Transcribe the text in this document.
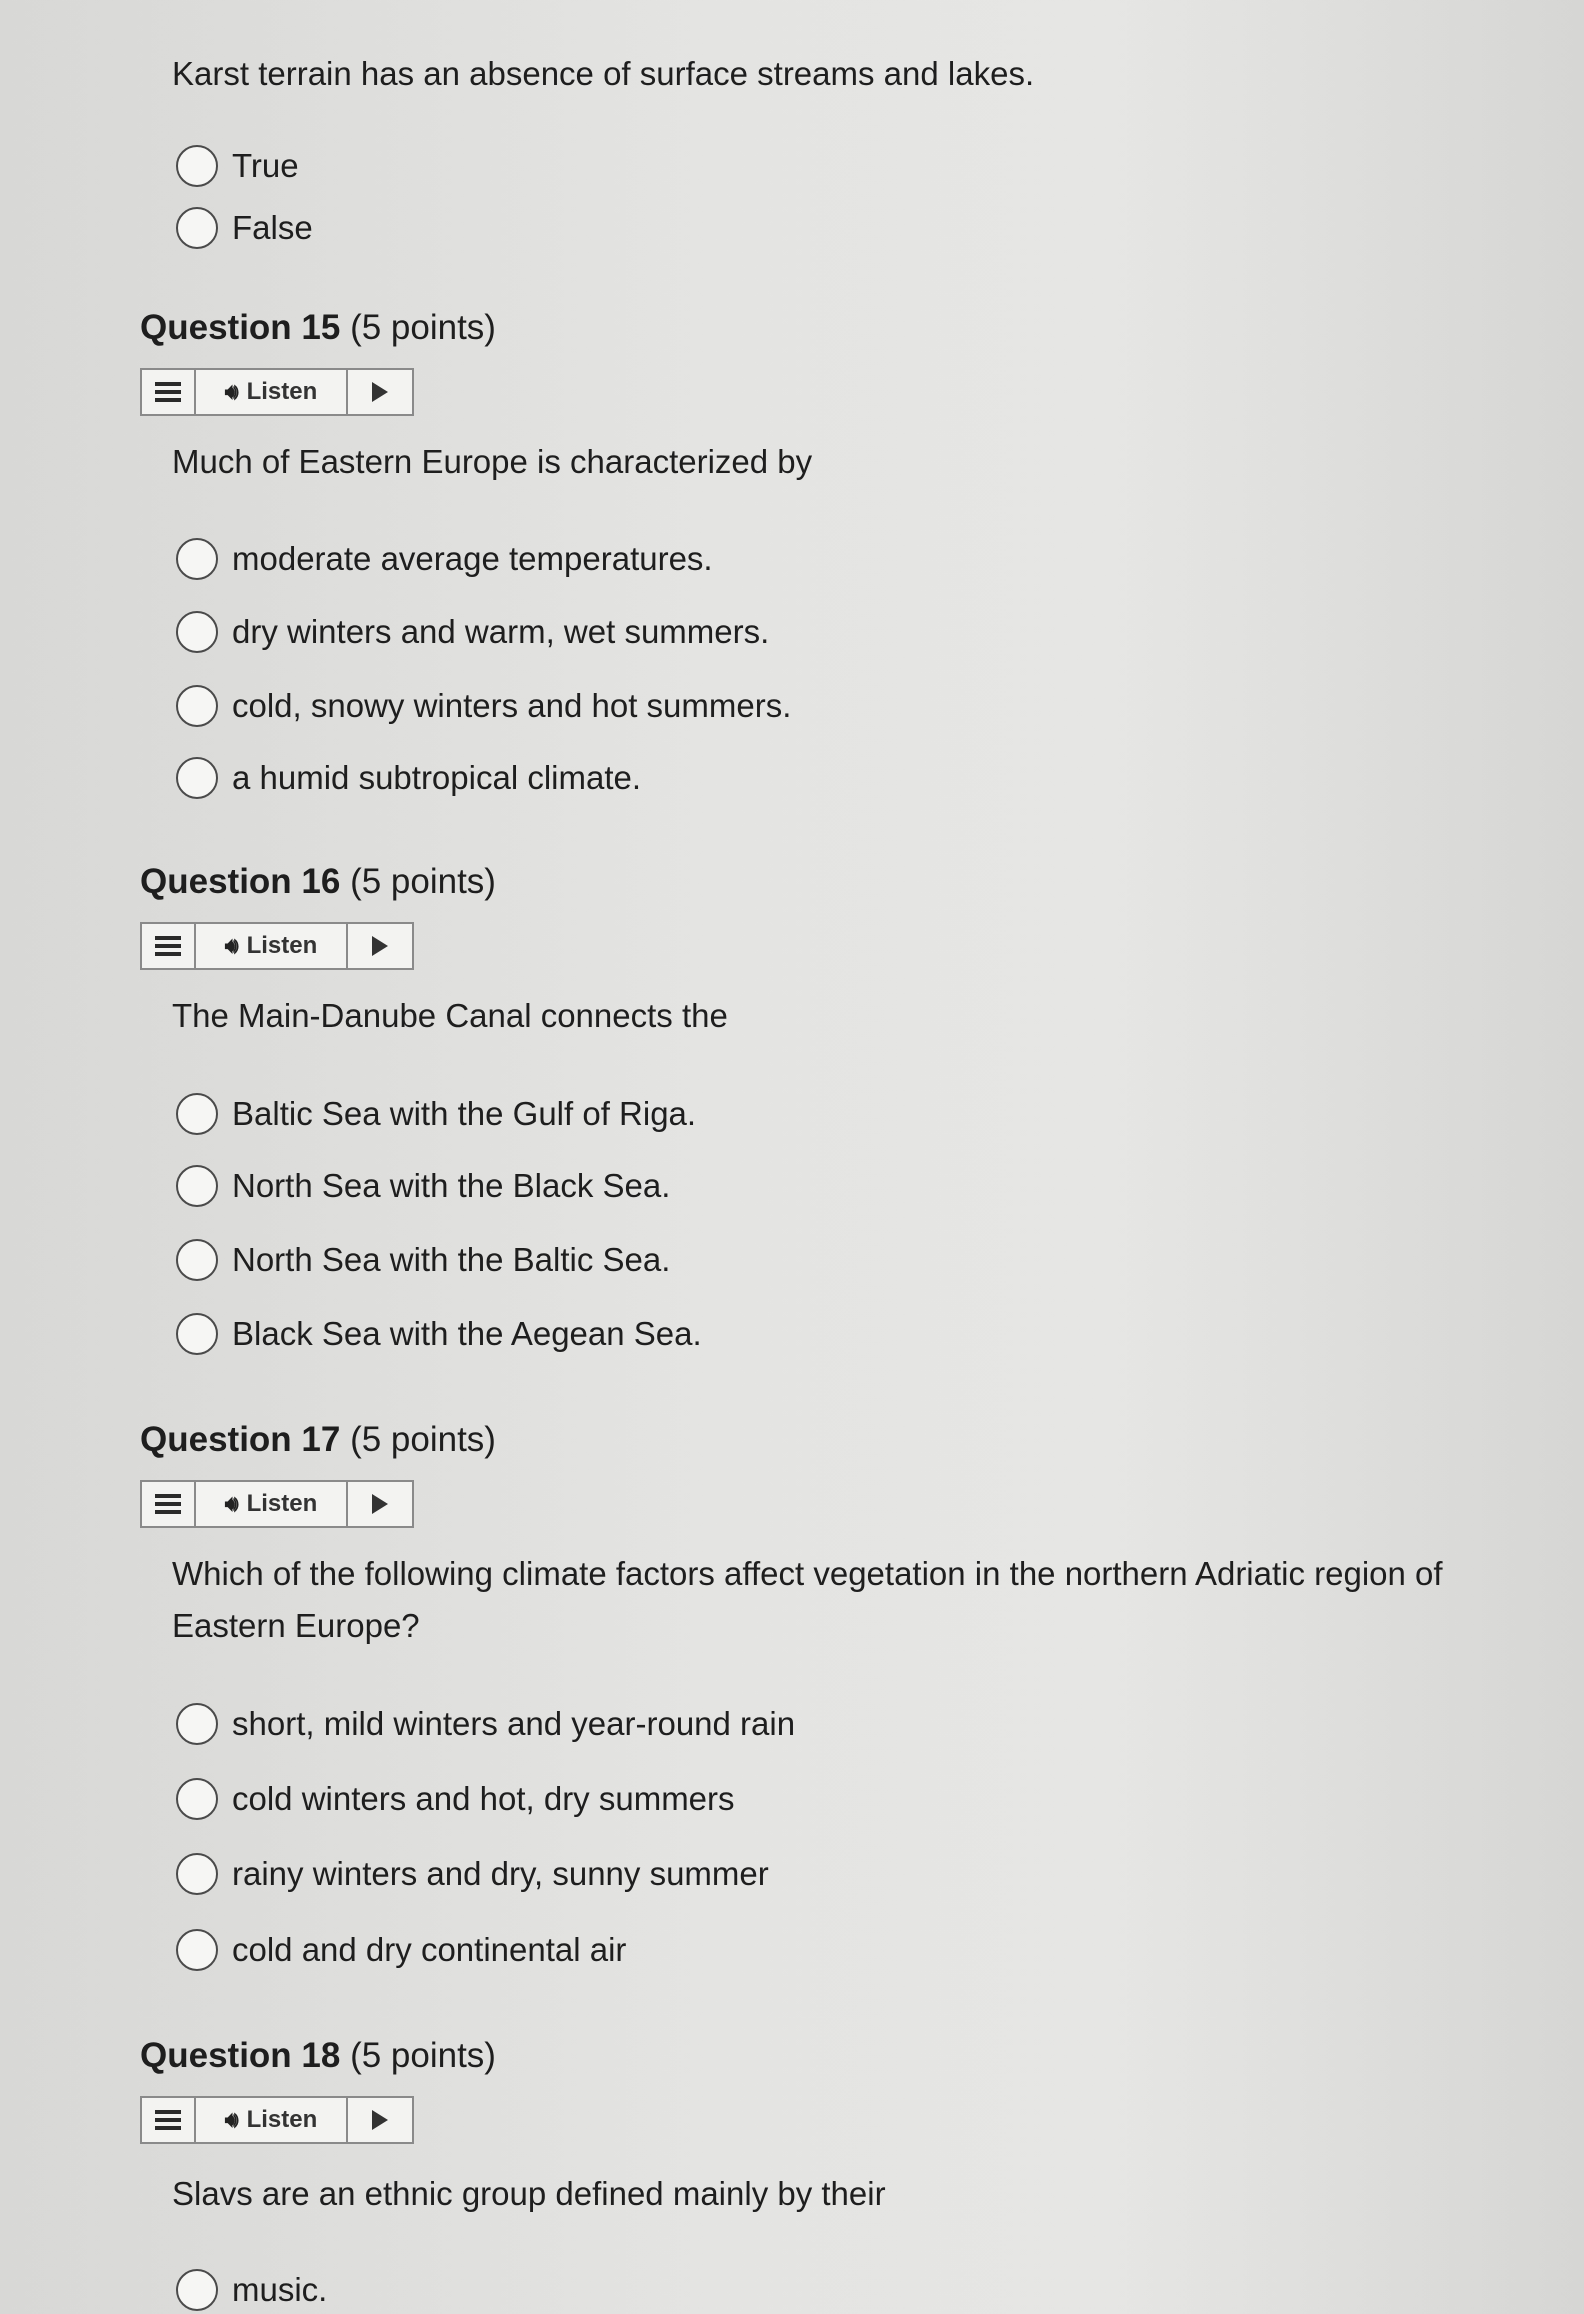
Karst terrain has an absence of surface streams and lakes.
True
False
Question 15 (5 points)
🔊︎ Listen
Much of Eastern Europe is characterized by
moderate average temperatures.
dry winters and warm, wet summers.
cold, snowy winters and hot summers.
a humid subtropical climate.
Question 16 (5 points)
🔊︎ Listen
The Main-Danube Canal connects the
Baltic Sea with the Gulf of Riga.
North Sea with the Black Sea.
North Sea with the Baltic Sea.
Black Sea with the Aegean Sea.
Question 17 (5 points)
🔊︎ Listen
Which of the following climate factors affect vegetation in the northern Adriatic region of Eastern Europe?
short, mild winters and year-round rain
cold winters and hot, dry summers
rainy winters and dry, sunny summer
cold and dry continental air
Question 18 (5 points)
🔊︎ Listen
Slavs are an ethnic group defined mainly by their
music.
